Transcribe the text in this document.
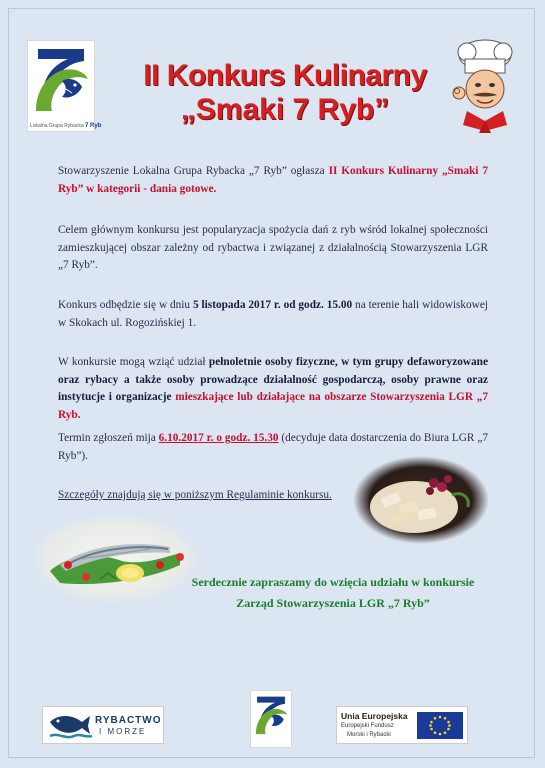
Lokalna Grupa Rybacka 7 Ryb
II Konkurs Kulinarny
„Smaki 7 Ryb”
Stowarzyszenie Lokalna Grupa Rybacka „7 Ryb” ogłasza II Konkurs Kulinarny „Smaki 7 Ryb” w kategorii - dania gotowe.
Celem głównym konkursu jest popularyzacja spożycia dań z ryb wśród lokalnej społeczności zamieszkującej obszar zależny od rybactwa i związanej z działalnością Stowarzyszenia LGR „7 Ryb”.
Konkurs odbędzie się w dniu 5 listopada 2017 r. od godz. 15.00 na terenie hali widowiskowej w Skokach ul. Rogozińskiej 1.
W konkursie mogą wziąć udział pełnoletnie osoby fizyczne, w tym grupy defaworyzowane oraz rybacy a także osoby prowadzące działalność gospodarczą, osoby prawne oraz instytucje i organizacje mieszkające lub działające na obszarze Stowarzyszenia LGR „7 Ryb.
Termin zgłoszeń mija 6.10.2017 r. o godz. 15.30 (decyduje data dostarczenia do Biura LGR „7 Ryb”).
Szczegóły znajdują się w poniższym Regulaminie konkursu.
Serdecznie zapraszamy do wzięcia udziału w konkursie
Zarząd Stowarzyszenia LGR „7 Ryb”
RYBACTWO
I MORZE
Unia Europejska
Europejski Fundusz
Morski i Rybacki
